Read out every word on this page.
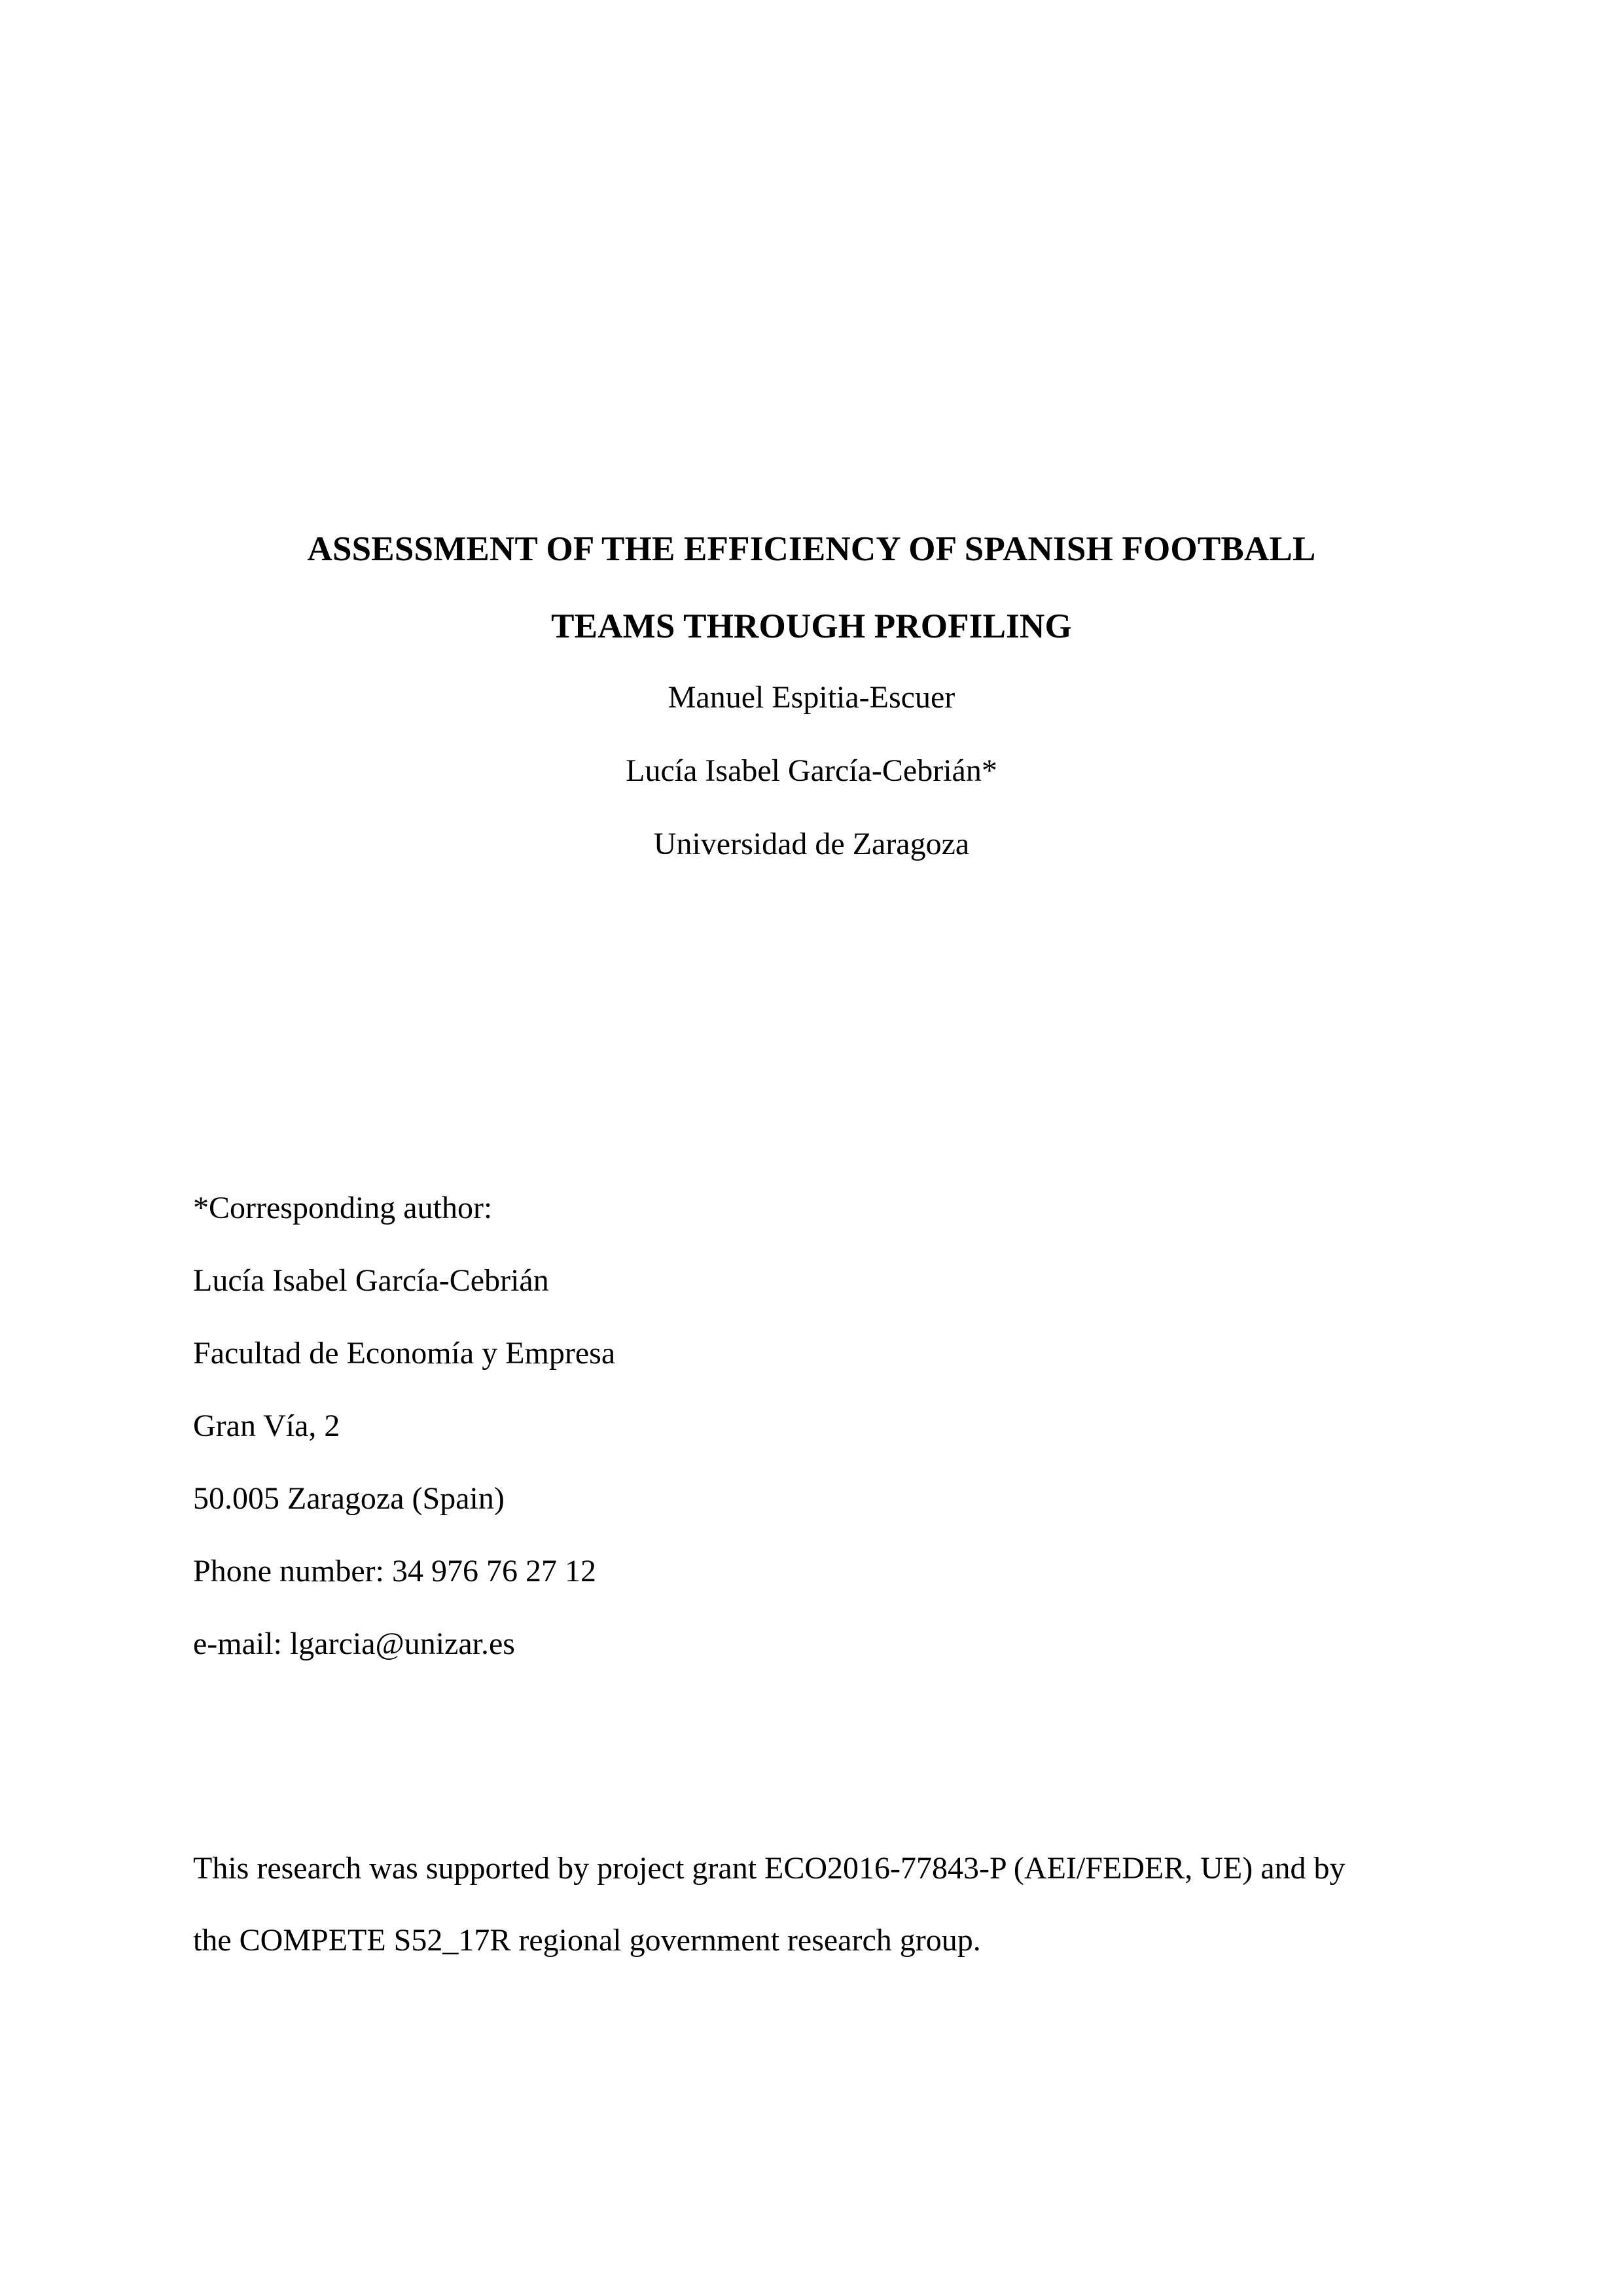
ASSESSMENT OF THE EFFICIENCY OF SPANISH FOOTBALL
TEAMS THROUGH PROFILING
Manuel Espitia-Escuer
Lucía Isabel García-Cebrián*
Universidad de Zaragoza
*Corresponding author:
Lucía Isabel García-Cebrián
Facultad de Economía y Empresa
Gran Vía, 2
50.005 Zaragoza (Spain)
Phone number: 34 976 76 27 12
e-mail: lgarcia@unizar.es
This research was supported by project grant ECO2016-77843-P (AEI/FEDER, UE) and by
the COMPETE S52_17R regional government research group.
